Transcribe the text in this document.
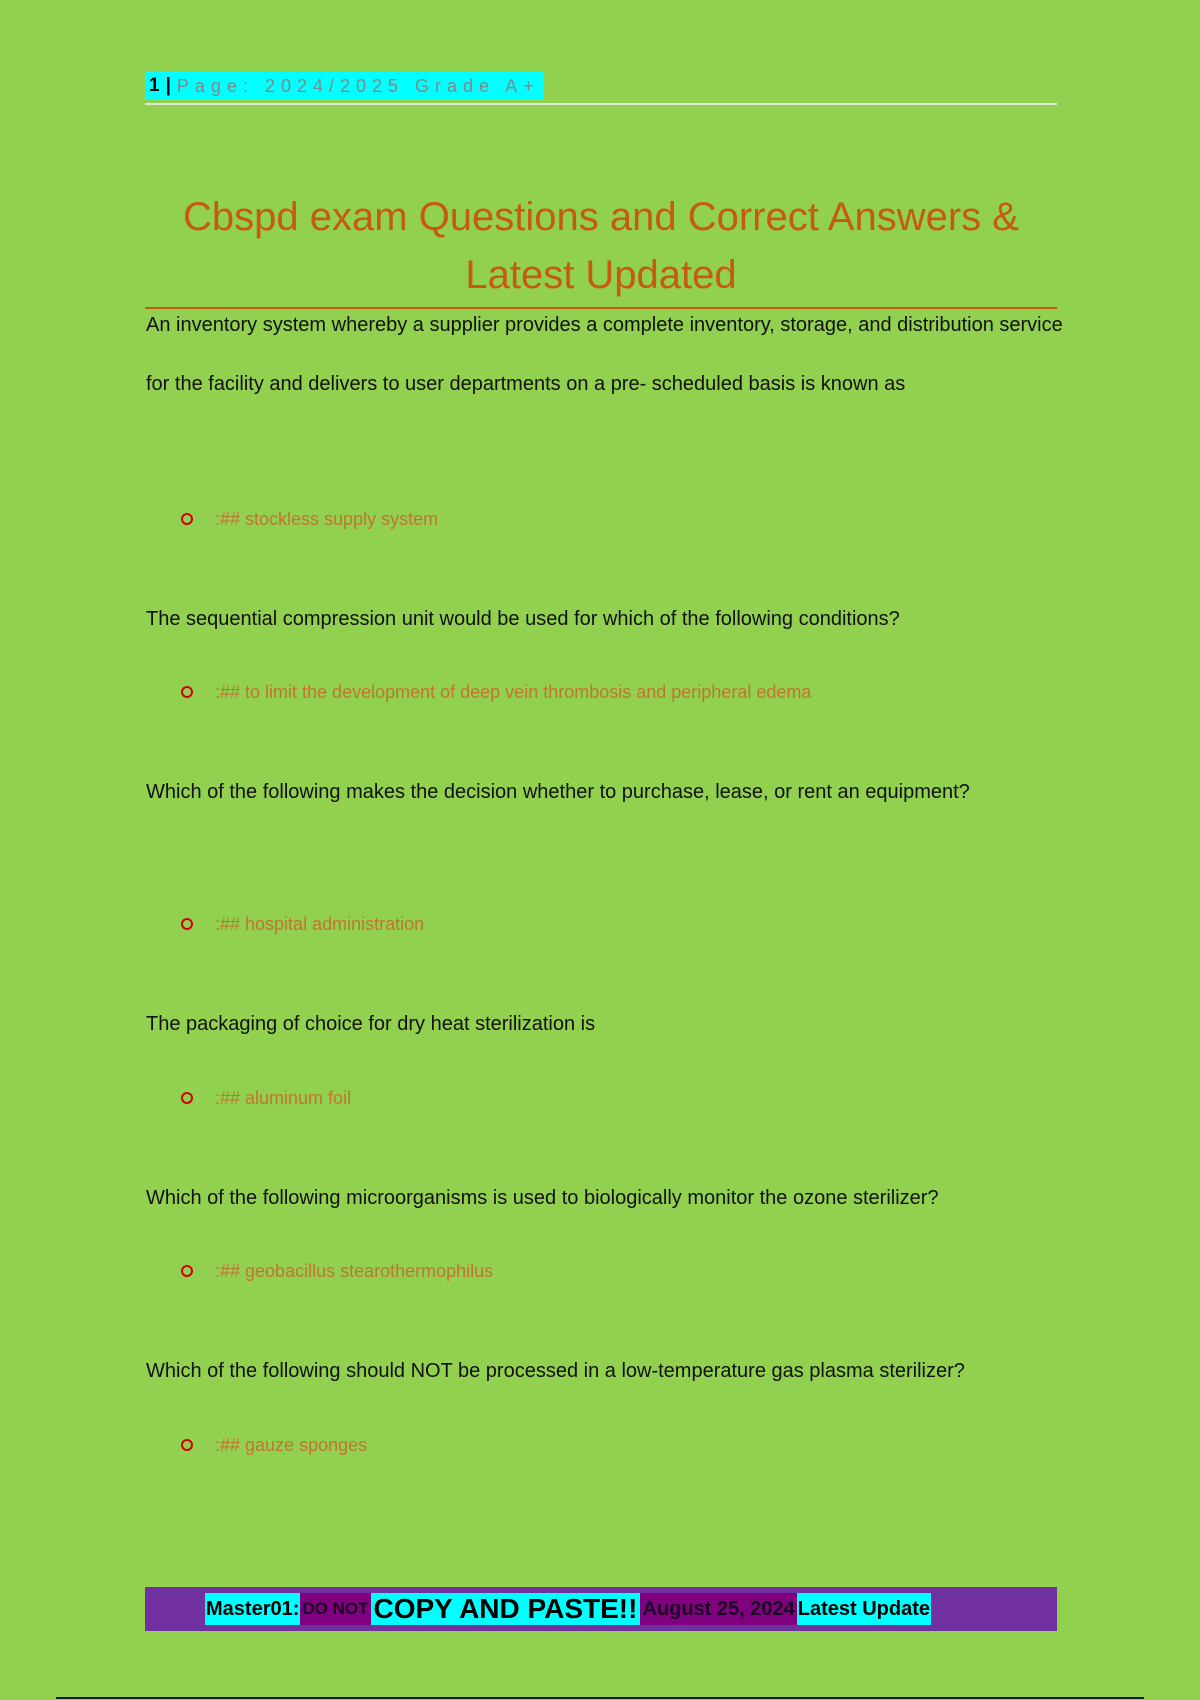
1 | Page: 2024/2025 Grade A+
Cbspd exam Questions and Correct Answers & Latest Updated
An inventory system whereby a supplier provides a complete inventory, storage, and distribution service for the facility and delivers to user departments on a pre- scheduled basis is known as
:## stockless supply system
The sequential compression unit would be used for which of the following conditions?
:## to limit the development of deep vein thrombosis and peripheral edema
Which of the following makes the decision whether to purchase, lease, or rent an equipment?
:## hospital administration
The packaging of choice for dry heat sterilization is
:## aluminum foil
Which of the following microorganisms is used to biologically monitor the ozone sterilizer?
:## geobacillus stearothermophilus
Which of the following should NOT be processed in a low-temperature gas plasma sterilizer?
:## gauze sponges
Master01: DO NOT COPY AND PASTE!! August 25, 2024 Latest Update
